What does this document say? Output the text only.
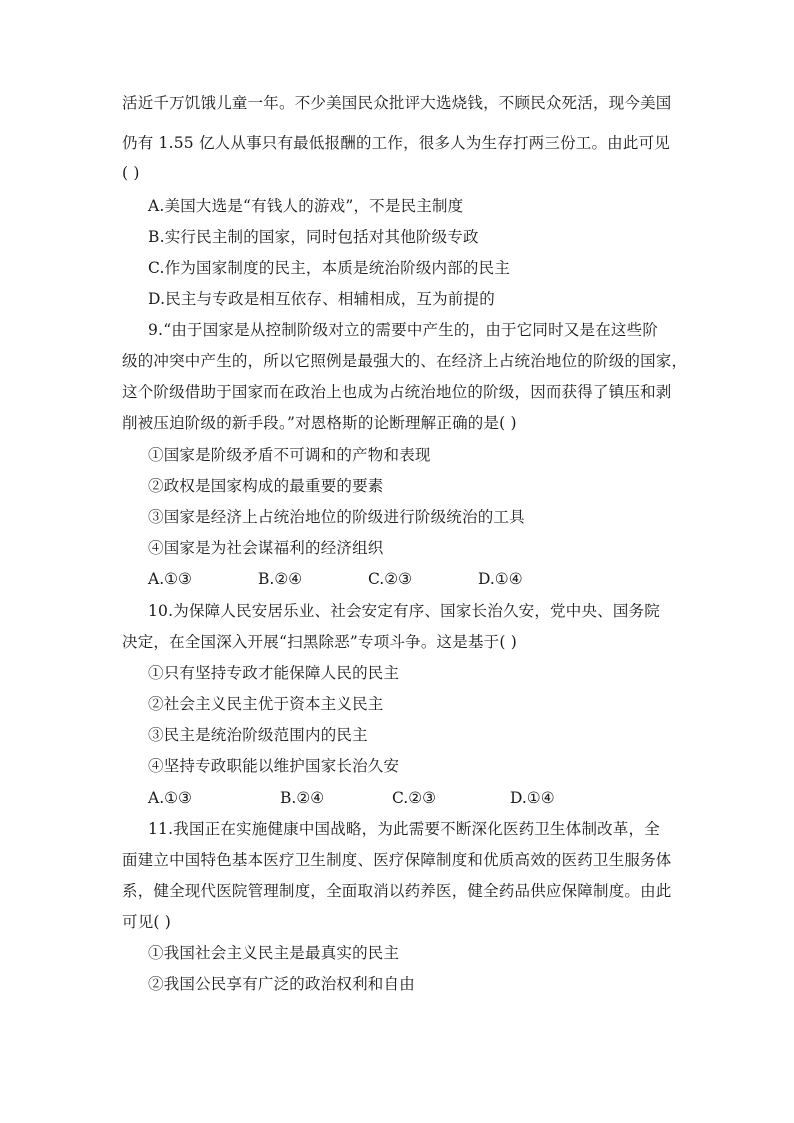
活近千万饥饿儿童一年。不少美国民众批评大选烧钱，不顾民众死活，现今美国
仍有 1.55 亿人从事只有最低报酬的工作，很多人为生存打两三份工。由此可见
( )
A.美国大选是“有钱人的游戏”，不是民主制度
B.实行民主制的国家，同时包括对其他阶级专政
C.作为国家制度的民主，本质是统治阶级内部的民主
D.民主与专政是相互依存、相辅相成，互为前提的
9.“由于国家是从控制阶级对立的需要中产生的，由于它同时又是在这些阶
级的冲突中产生的，所以它照例是最强大的、在经济上占统治地位的阶级的国家，
这个阶级借助于国家而在政治上也成为占统治地位的阶级，因而获得了镇压和剥
削被压迫阶级的新手段。”对恩格斯的论断理解正确的是( )
①国家是阶级矛盾不可调和的产物和表现
②政权是国家构成的最重要的要素
③国家是经济上占统治地位的阶级进行阶级统治的工具
④国家是为社会谋福利的经济组织
A.①③	B.②④	C.②③	D.①④
10.为保障人民安居乐业、社会安定有序、国家长治久安，党中央、国务院
决定，在全国深入开展“扫黑除恶”专项斗争。这是基于( )
①只有坚持专政才能保障人民的民主
②社会主义民主优于资本主义民主
③民主是统治阶级范围内的民主
④坚持专政职能以维护国家长治久安
A.①③	B.②④	C.②③	D.①④
11.我国正在实施健康中国战略，为此需要不断深化医药卫生体制改革，全
面建立中国特色基本医疗卫生制度、医疗保障制度和优质高效的医药卫生服务体
系，健全现代医院管理制度，全面取消以药养医，健全药品供应保障制度。由此
可见( )
①我国社会主义民主是最真实的民主
②我国公民享有广泛的政治权利和自由
